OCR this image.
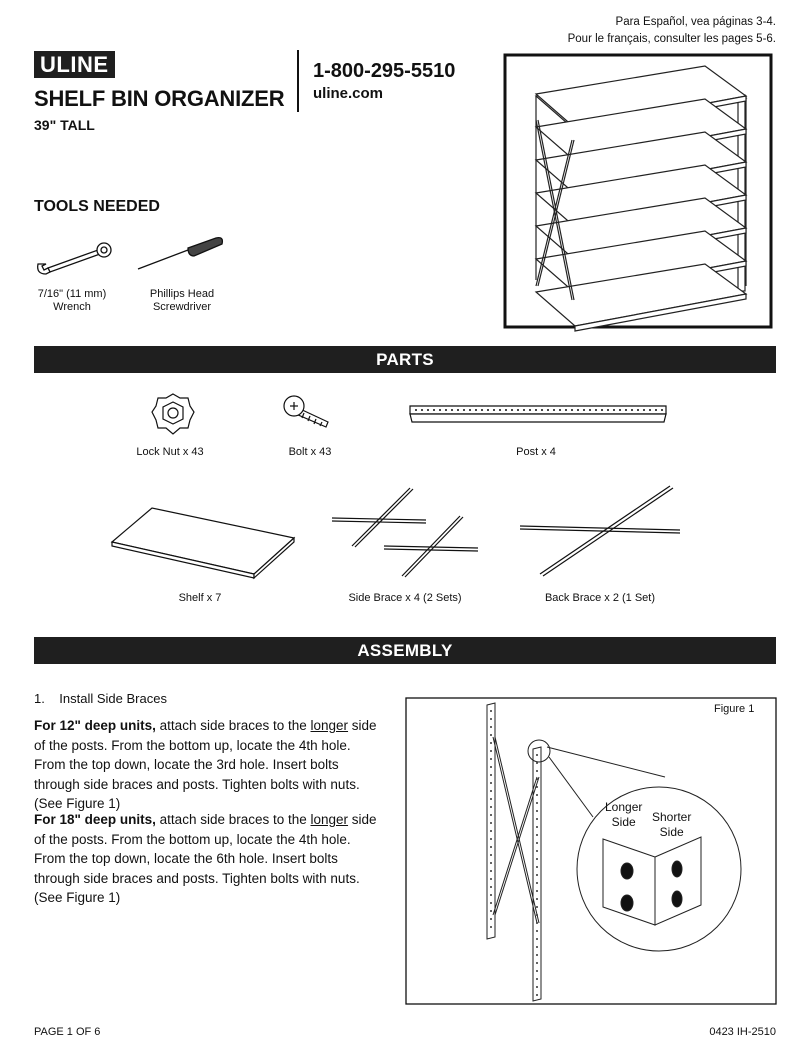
Para Español, vea páginas 3-4.
Pour le français, consulter les pages 5-6.
ULINE
SHELF BIN ORGANIZER
39" TALL
1-800-295-5510
uline.com
TOOLS NEEDED
7/16" (11 mm)
Wrench
Phillips Head
Screwdriver
PARTS
Lock Nut x 43	Bolt x 43	Post x 4
Shelf x 7	Side Brace x 4 (2 Sets)	Back Brace x 2 (1 Set)
ASSEMBLY
1. Install Side Braces
For 12" deep units, attach side braces to the longer side of the posts. From the bottom up, locate the 4th hole. From the top down, locate the 3rd hole. Insert bolts through side braces and posts. Tighten bolts with nuts. (See Figure 1)
For 18" deep units, attach side braces to the longer side of the posts. From the bottom up, locate the 4th hole. From the top down, locate the 6th hole. Insert bolts through side braces and posts. Tighten bolts with nuts. (See Figure 1)
Figure 1
Longer
Side	Shorter
Side
PAGE 1 OF 6	0423 IH-2510
